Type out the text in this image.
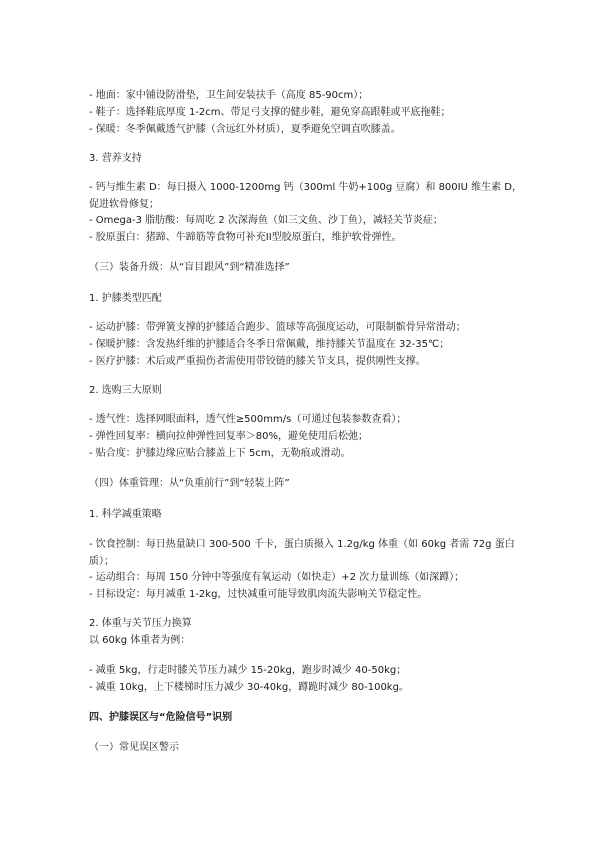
- 地面：家中铺设防滑垫，卫生间安装扶手（高度 85-90cm）；
- 鞋子：选择鞋底厚度 1-2cm、带足弓支撑的健步鞋，避免穿高跟鞋或平底拖鞋；
- 保暖：冬季佩戴透气护膝（含远红外材质），夏季避免空调直吹膝盖。
3. 营养支持
- 钙与维生素 D：每日摄入 1000-1200mg 钙（300ml 牛奶+100g 豆腐）和 800IU 维生素 D，促进软骨修复；
- Omega-3 脂肪酸：每周吃 2 次深海鱼（如三文鱼、沙丁鱼），减轻关节炎症；
- 胶原蛋白：猪蹄、牛蹄筋等食物可补充II型胶原蛋白，维护软骨弹性。
（三）装备升级：从“盲目跟风”到“精准选择”
1. 护膝类型匹配
- 运动护膝：带弹簧支撑的护膝适合跑步、篮球等高强度运动，可限制髌骨异常滑动；
- 保暖护膝：含发热纤维的护膝适合冬季日常佩戴，维持膝关节温度在 32-35℃；
- 医疗护膝：术后或严重损伤者需使用带铰链的膝关节支具，提供刚性支撑。
2. 选购三大原则
- 透气性：选择网眼面料，透气性≥500mm/s（可通过包装参数查看）；
- 弹性回复率：横向拉伸弹性回复率＞80%，避免使用后松弛；
- 贴合度：护膝边缘应贴合膝盖上下 5cm，无勒痕或滑动。
（四）体重管理：从“负重前行”到“轻装上阵”
1. 科学减重策略
- 饮食控制：每日热量缺口 300-500 千卡，蛋白质摄入 1.2g/kg 体重（如 60kg 者需 72g 蛋白质）；
- 运动组合：每周 150 分钟中等强度有氧运动（如快走）+2 次力量训练（如深蹲）；
- 目标设定：每月减重 1-2kg，过快减重可能导致肌肉流失影响关节稳定性。
2. 体重与关节压力换算
以 60kg 体重者为例：
- 减重 5kg，行走时膝关节压力减少 15-20kg，跑步时减少 40-50kg；
- 减重 10kg，上下楼梯时压力减少 30-40kg，蹲跪时减少 80-100kg。
四、护膝误区与“危险信号”识别
（一）常见误区警示
